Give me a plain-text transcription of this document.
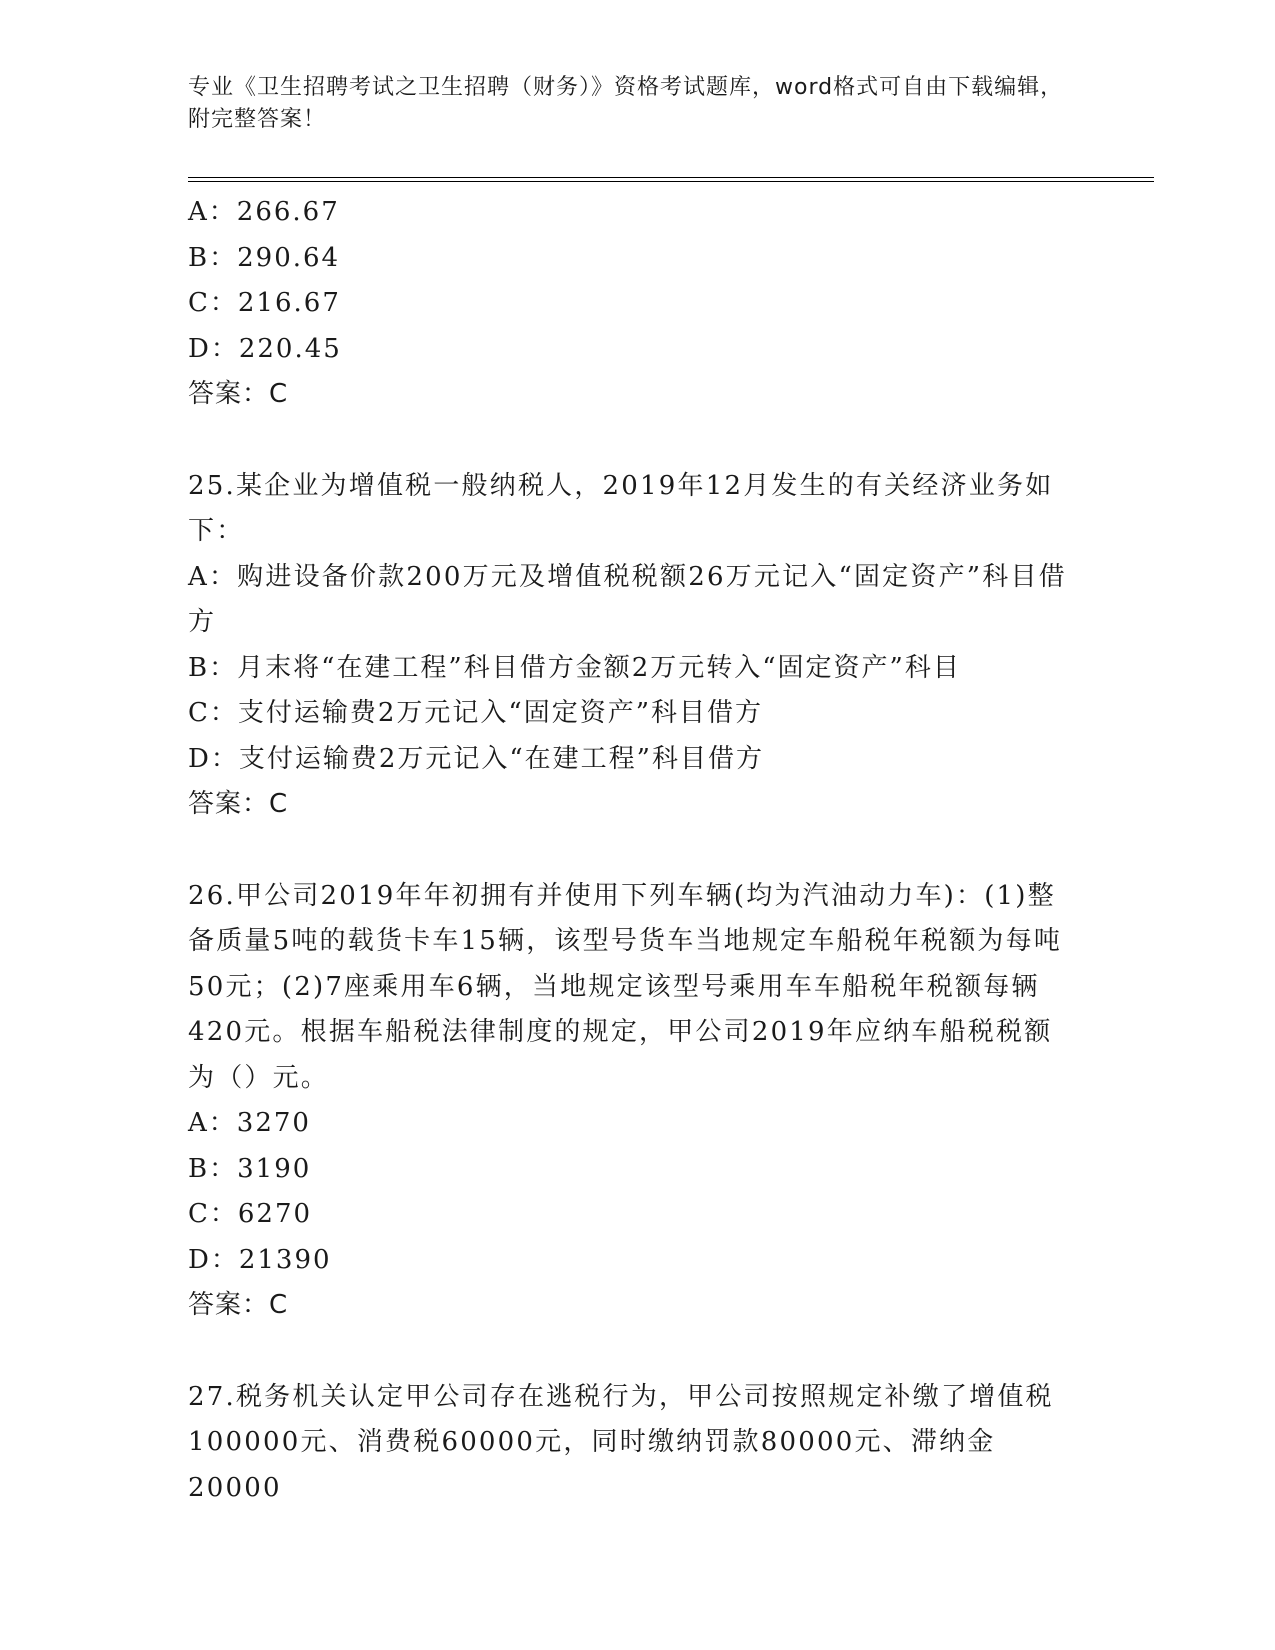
专业《卫生招聘考试之卫生招聘（财务）》资格考试题库，word格式可自由下载编辑，附完整答案！
A：266.67
B：290.64
C：216.67
D：220.45
答案：C
25.某企业为增值税一般纳税人，2019年12月发生的有关经济业务如下：
A：购进设备价款200万元及增值税税额26万元记入“固定资产”科目借方
B：月末将“在建工程”科目借方金额2万元转入“固定资产”科目
C：支付运输费2万元记入“固定资产”科目借方
D：支付运输费2万元记入“在建工程”科目借方
答案：C
26.甲公司2019年年初拥有并使用下列车辆(均为汽油动力车)：(1)整备质量5吨的载货卡车15辆，该型号货车当地规定车船税年税额为每吨50元；(2)7座乘用车6辆，当地规定该型号乘用车车船税年税额每辆420元。根据车船税法律制度的规定，甲公司2019年应纳车船税税额为（）元。
A：3270
B：3190
C：6270
D：21390
答案：C
27.税务机关认定甲公司存在逃税行为，甲公司按照规定补缴了增值税100000元、消费税60000元，同时缴纳罚款80000元、滞纳金20000
